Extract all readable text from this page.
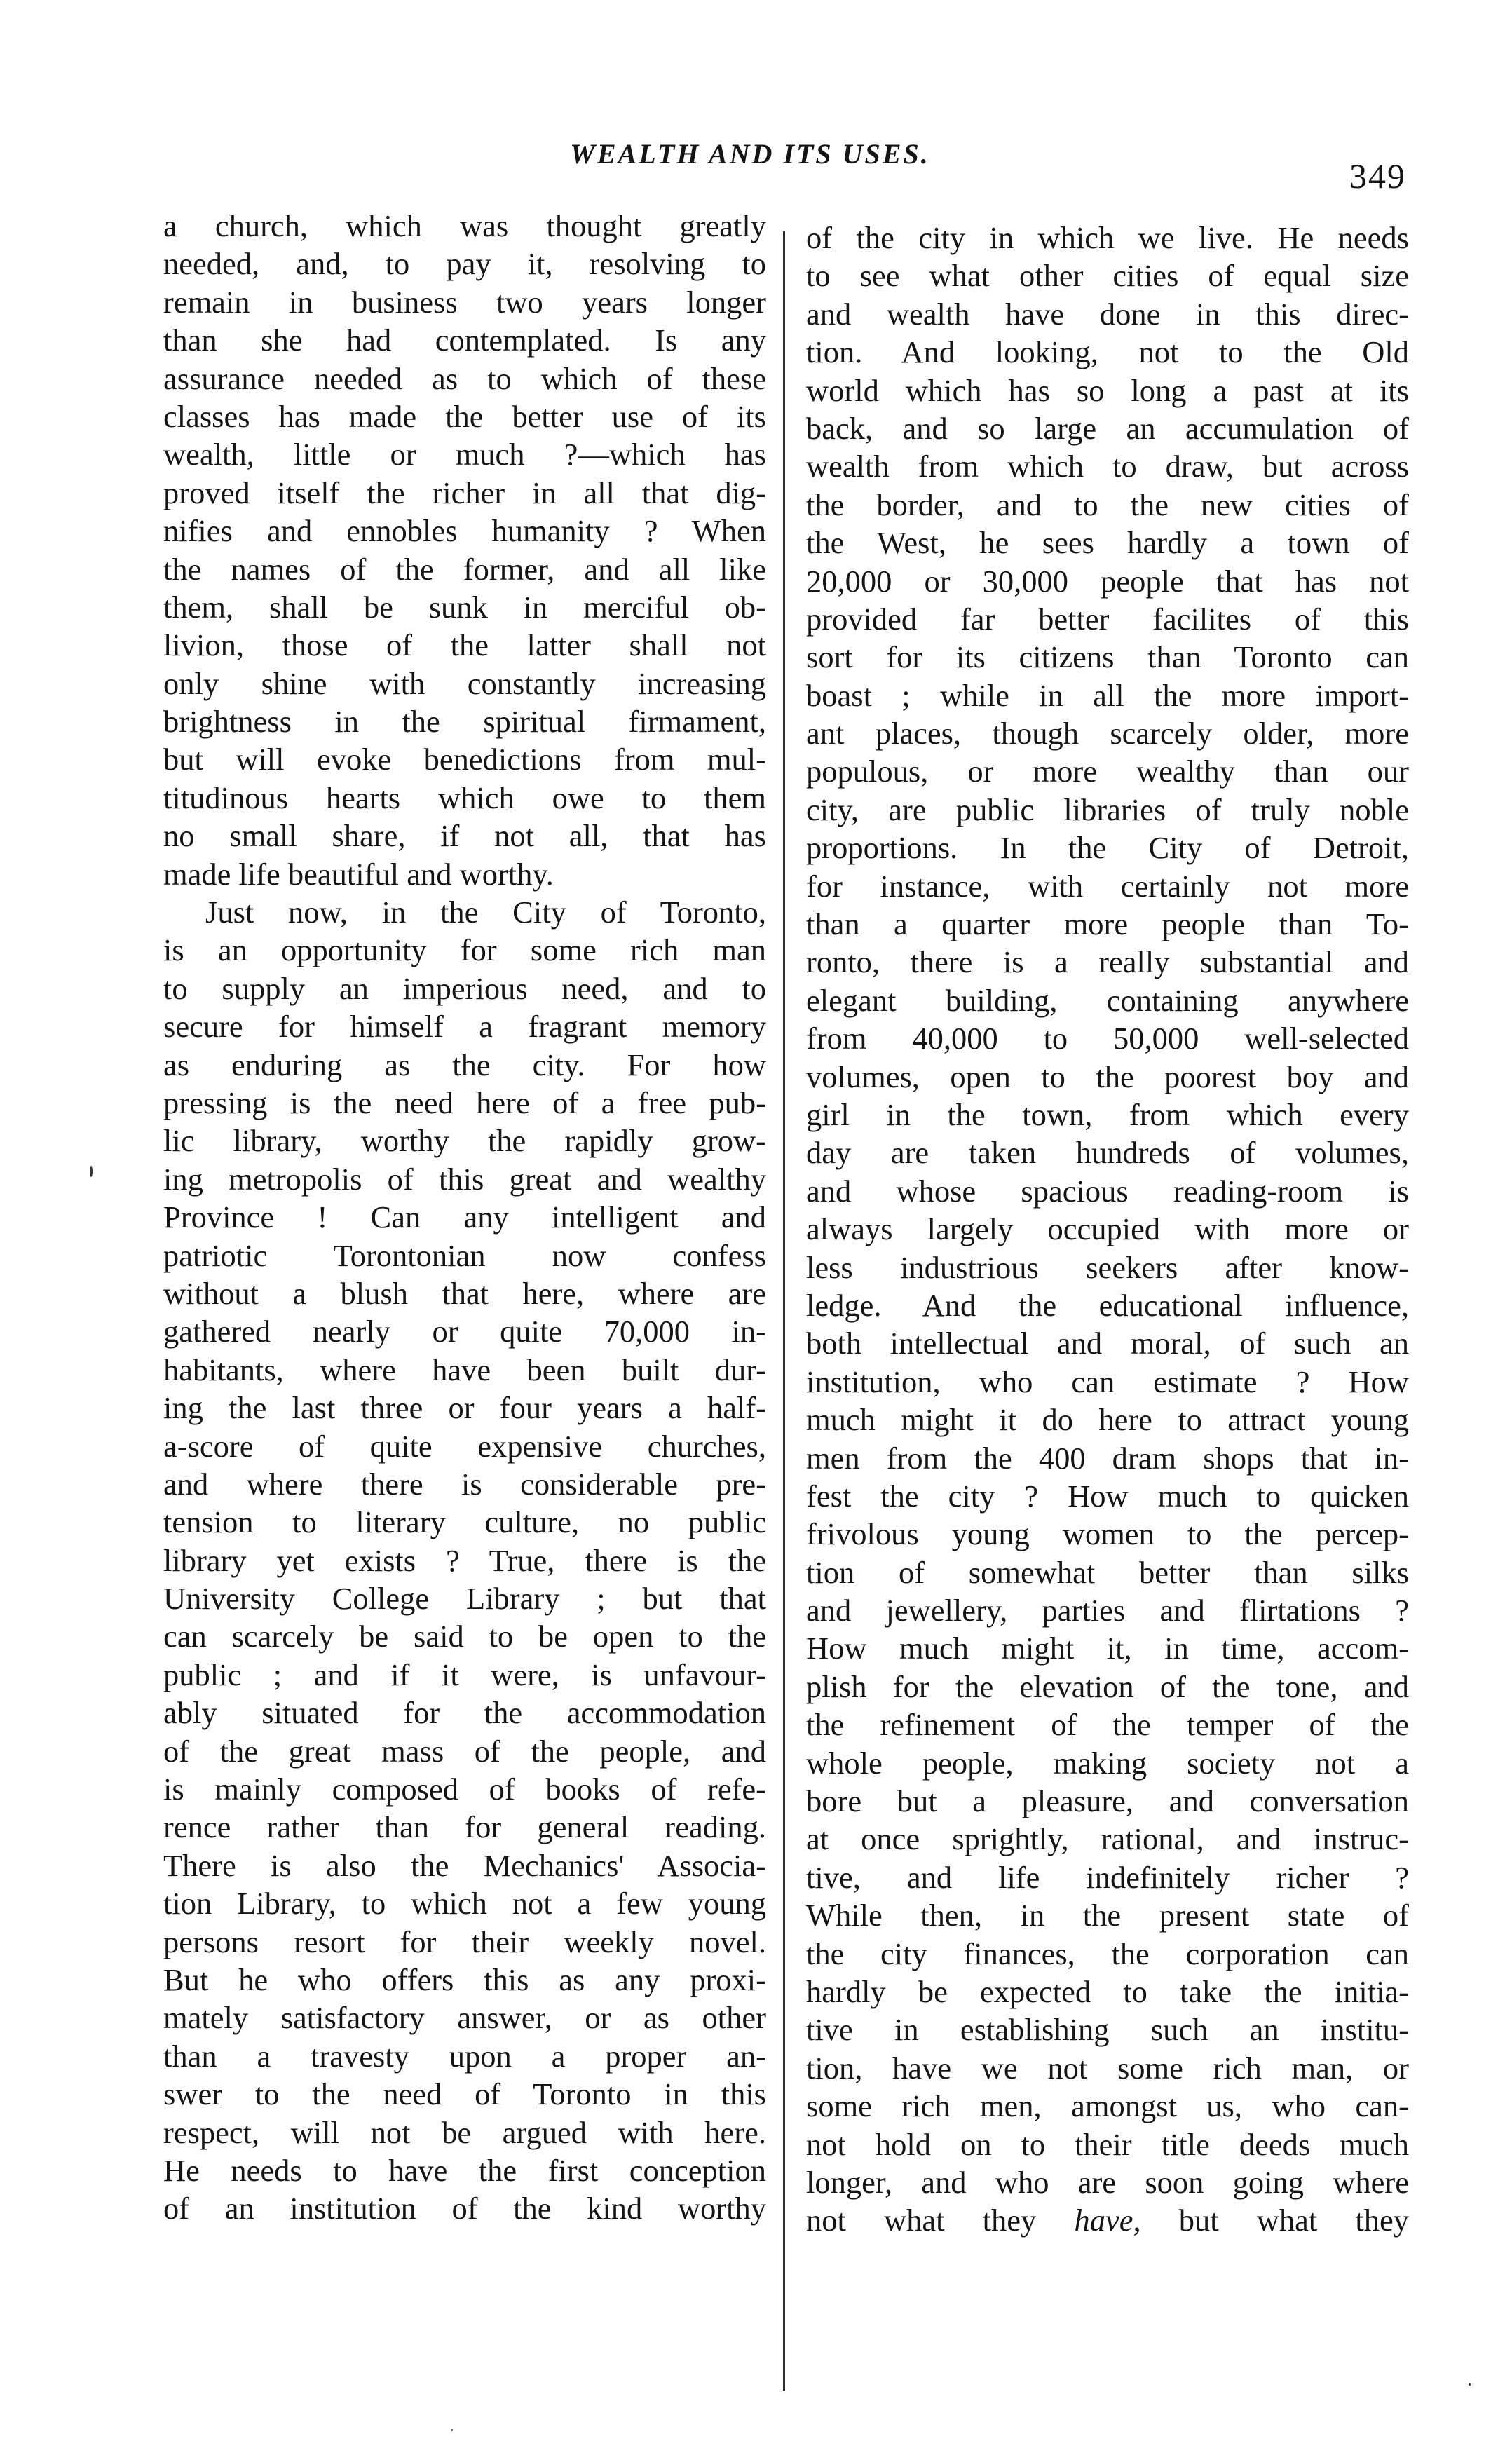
WEALTH AND ITS USES.
349
a church, which was thought greatly
needed, and, to pay it, resolving to
remain in business two years longer
than she had contemplated. Is any
assurance needed as to which of these
classes has made the better use of its
wealth, little or much ?—which has
proved itself the richer in all that dig-
nifies and ennobles humanity ? When
the names of the former, and all like
them, shall be sunk in merciful ob-
livion, those of the latter shall not
only shine with constantly increasing
brightness in the spiritual firmament,
but will evoke benedictions from mul-
titudinous hearts which owe to them
no small share, if not all, that has
made life beautiful and worthy.
Just now, in the City of Toronto,
is an opportunity for some rich man
to supply an imperious need, and to
secure for himself a fragrant memory
as enduring as the city. For how
pressing is the need here of a free pub-
lic library, worthy the rapidly grow-
ing metropolis of this great and wealthy
Province ! Can any intelligent and
patriotic Torontonian now confess
without a blush that here, where are
gathered nearly or quite 70,000 in-
habitants, where have been built dur-
ing the last three or four years a half-
a-score of quite expensive churches,
and where there is considerable pre-
tension to literary culture, no public
library yet exists ? True, there is the
University College Library ; but that
can scarcely be said to be open to the
public ; and if it were, is unfavour-
ably situated for the accommodation
of the great mass of the people, and
is mainly composed of books of refe-
rence rather than for general reading.
There is also the Mechanics' Associa-
tion Library, to which not a few young
persons resort for their weekly novel.
But he who offers this as any proxi-
mately satisfactory answer, or as other
than a travesty upon a proper an-
swer to the need of Toronto in this
respect, will not be argued with here.
He needs to have the first conception
of an institution of the kind worthy
of the city in which we live. He needs
to see what other cities of equal size
and wealth have done in this direc-
tion. And looking, not to the Old
world which has so long a past at its
back, and so large an accumulation of
wealth from which to draw, but across
the border, and to the new cities of
the West, he sees hardly a town of
20,000 or 30,000 people that has not
provided far better facilites of this
sort for its citizens than Toronto can
boast ; while in all the more import-
ant places, though scarcely older, more
populous, or more wealthy than our
city, are public libraries of truly noble
proportions. In the City of Detroit,
for instance, with certainly not more
than a quarter more people than To-
ronto, there is a really substantial and
elegant building, containing anywhere
from 40,000 to 50,000 well-selected
volumes, open to the poorest boy and
girl in the town, from which every
day are taken hundreds of volumes,
and whose spacious reading-room is
always largely occupied with more or
less industrious seekers after know-
ledge. And the educational influence,
both intellectual and moral, of such an
institution, who can estimate ? How
much might it do here to attract young
men from the 400 dram shops that in-
fest the city ? How much to quicken
frivolous young women to the percep-
tion of somewhat better than silks
and jewellery, parties and flirtations ?
How much might it, in time, accom-
plish for the elevation of the tone, and
the refinement of the temper of the
whole people, making society not a
bore but a pleasure, and conversation
at once sprightly, rational, and instruc-
tive, and life indefinitely richer ?
While then, in the present state of
the city finances, the corporation can
hardly be expected to take the initia-
tive in establishing such an institu-
tion, have we not some rich man, or
some rich men, amongst us, who can-
not hold on to their title deeds much
longer, and who are soon going where
not what they have, but what they
